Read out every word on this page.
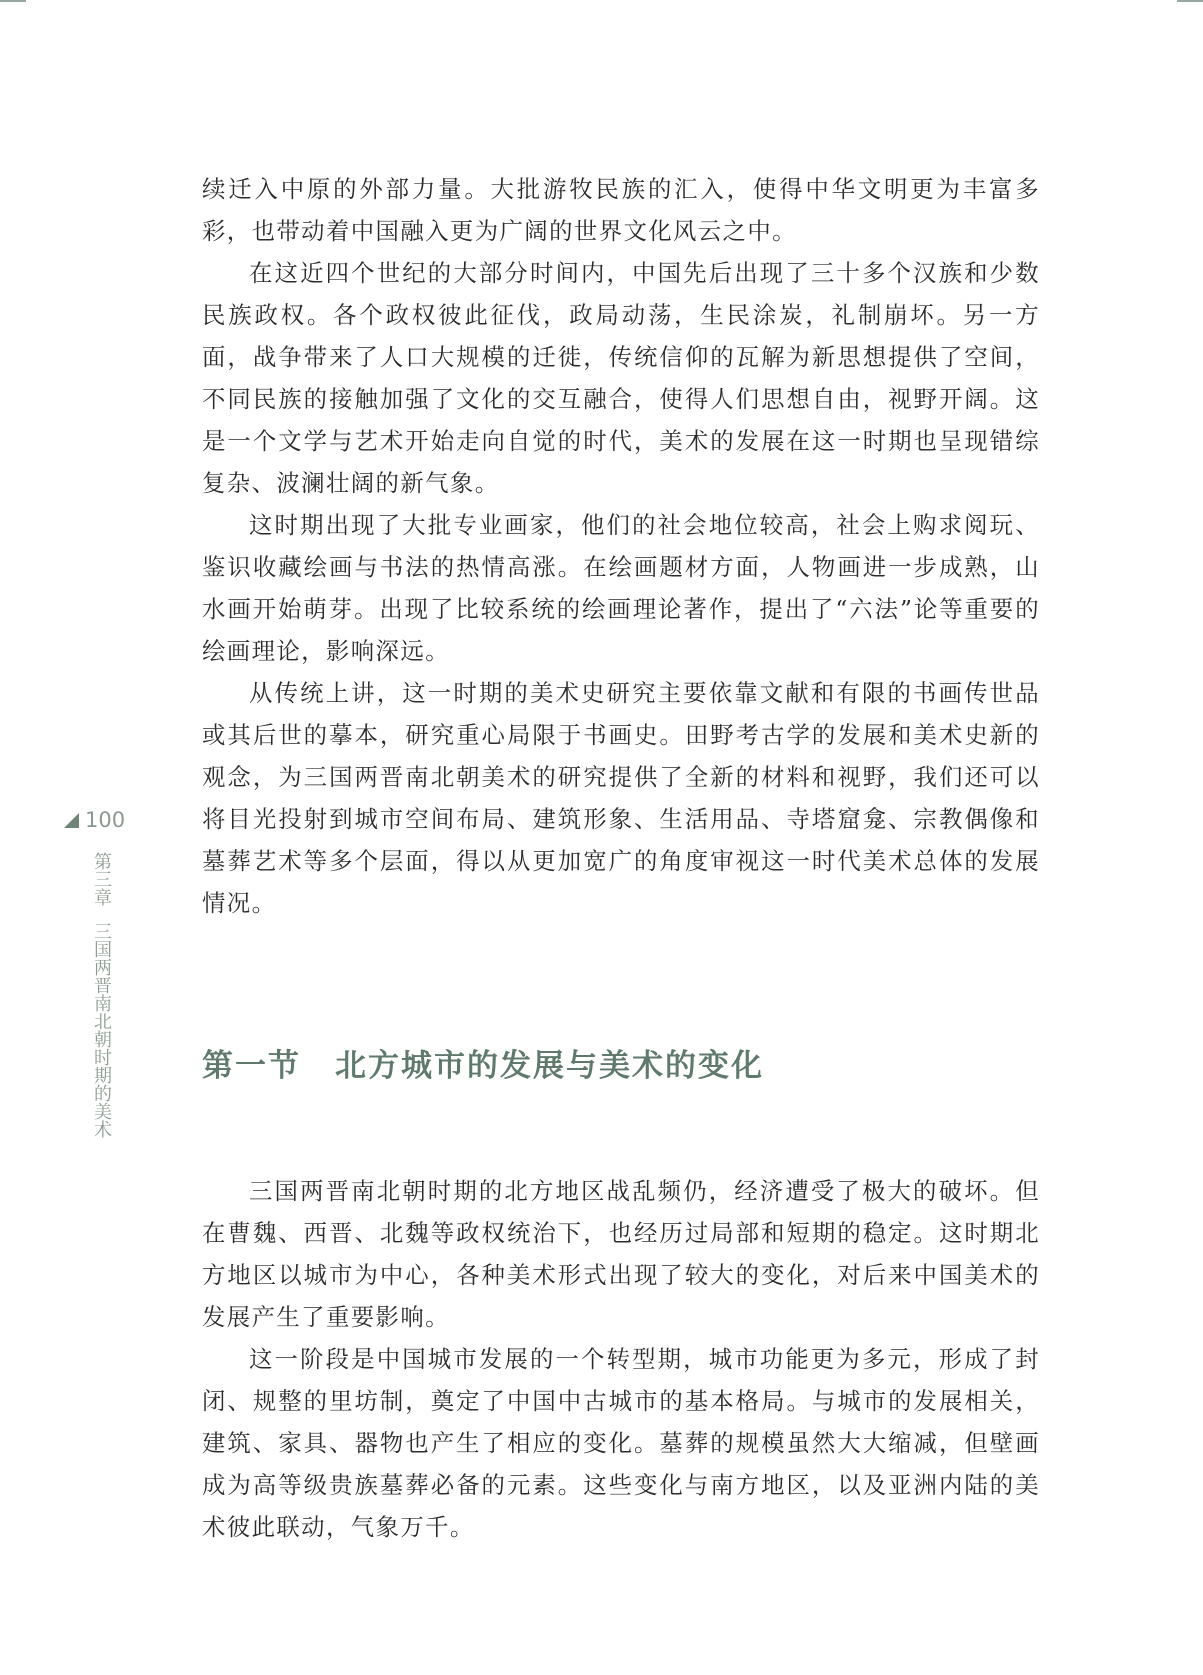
100
第三章三国两晋南北朝时期的美术

续迁入中原的外部力量。大批游牧民族的汇入，使得中华文明更为丰富多彩，也带动着中国融入更为广阔的世界文化风云之中。

在这近四个世纪的大部分时间内，中国先后出现了三十多个汉族和少数民族政权。各个政权彼此征伐，政局动荡，生民涂炭，礼制崩坏。另一方面，战争带来了人口大规模的迁徙，传统信仰的瓦解为新思想提供了空间，不同民族的接触加强了文化的交互融合，使得人们思想自由，视野开阔。这是一个文学与艺术开始走向自觉的时代，美术的发展在这一时期也呈现错综复杂、波澜壮阔的新气象。

这时期出现了大批专业画家，他们的社会地位较高，社会上购求阅玩、鉴识收藏绘画与书法的热情高涨。在绘画题材方面，人物画进一步成熟，山水画开始萌芽。出现了比较系统的绘画理论著作，提出了“六法”论等重要的绘画理论，影响深远。

从传统上讲，这一时期的美术史研究主要依靠文献和有限的书画传世品或其后世的摹本，研究重心局限于书画史。田野考古学的发展和美术史新的观念，为三国两晋南北朝美术的研究提供了全新的材料和视野，我们还可以将目光投射到城市空间布局、建筑形象、生活用品、寺塔窟龛、宗教偶像和墓葬艺术等多个层面，得以从更加宽广的角度审视这一时代美术总体的发展情况。

第一节 北方城市的发展与美术的变化

三国两晋南北朝时期的北方地区战乱频仍，经济遭受了极大的破坏。但在曹魏、西晋、北魏等政权统治下，也经历过局部和短期的稳定。这时期北方地区以城市为中心，各种美术形式出现了较大的变化，对后来中国美术的发展产生了重要影响。

这一阶段是中国城市发展的一个转型期，城市功能更为多元，形成了封闭、规整的里坊制，奠定了中国中古城市的基本格局。与城市的发展相关，建筑、家具、器物也产生了相应的变化。墓葬的规模虽然大大缩减，但壁画成为高等级贵族墓葬必备的元素。这些变化与南方地区，以及亚洲内陆的美术彼此联动，气象万千。
